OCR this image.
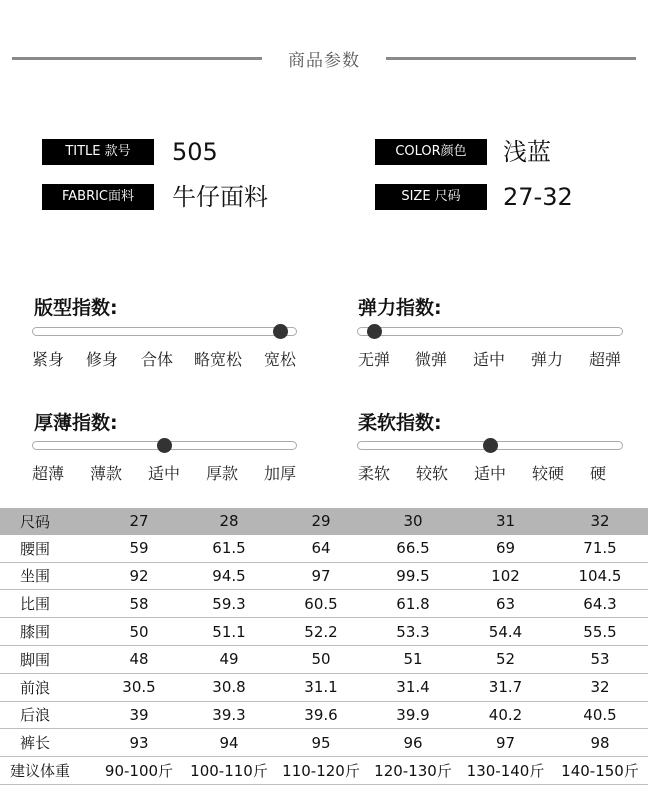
商品参数
TITLE 款号	505	COLOR颜色	浅蓝
FABRIC面料	牛仔面料	SIZE 尺码	27-32
版型指数:
紧身 修身 合体 略宽松 宽松
弹力指数:
无弹 微弹 适中 弹力 超弹
厚薄指数:
超薄 薄款 适中 厚款 加厚
柔软指数:
柔软 较软 适中 较硬 硬
尺码	27	28	29	30	31	32
腰围	59	61.5	64	66.5	69	71.5
坐围	92	94.5	97	99.5	102	104.5
比围	58	59.3	60.5	61.8	63	64.3
膝围	50	51.1	52.2	53.3	54.4	55.5
脚围	48	49	50	51	52	53
前浪	30.5	30.8	31.1	31.4	31.7	32
后浪	39	39.3	39.6	39.9	40.2	40.5
裤长	93	94	95	96	97	98
建议体重	90-100斤	100-110斤	110-120斤	120-130斤	130-140斤	140-150斤
